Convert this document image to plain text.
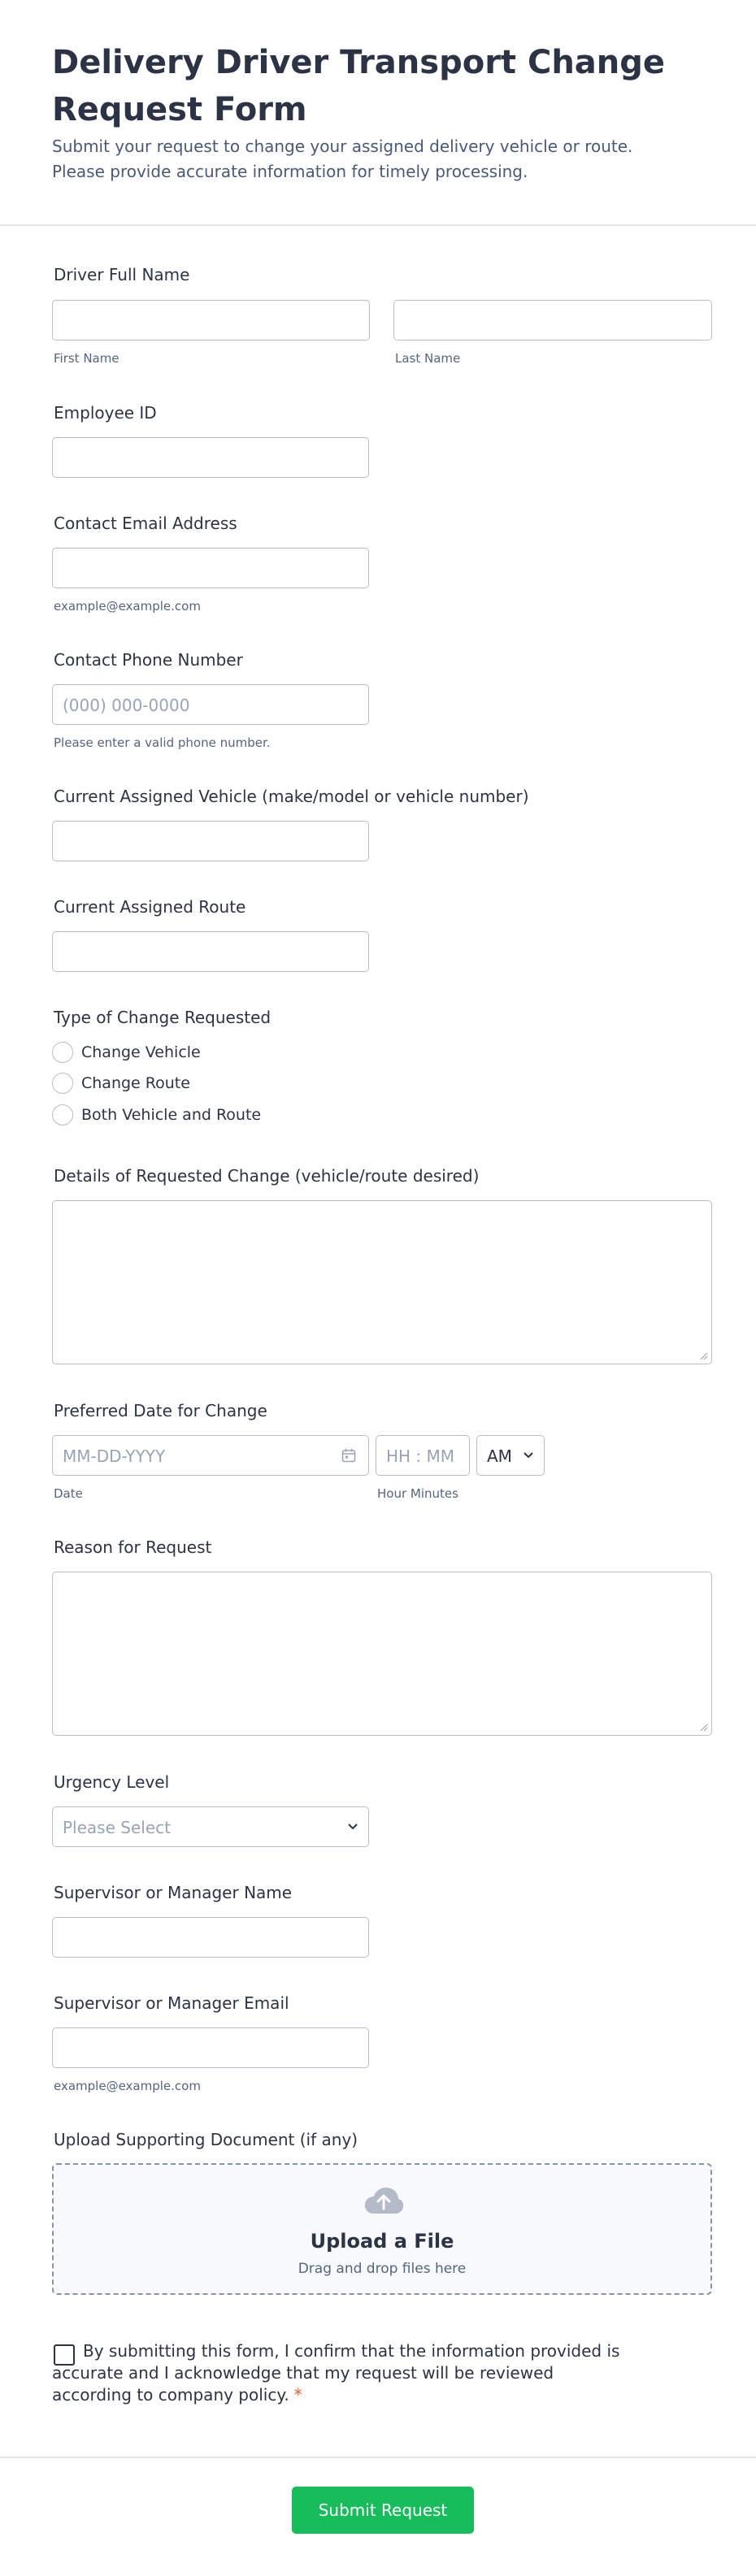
Delivery Driver Transport Change Request Form

Submit your request to change your assigned delivery vehicle or route. Please provide accurate information for timely processing.

Driver Full Name
First Name	Last Name
Employee ID
Contact Email Address
example@example.com
Contact Phone Number
(000) 000-0000
Please enter a valid phone number.
Current Assigned Vehicle (make/model or vehicle number)
Current Assigned Route
Type of Change Requested
Change Vehicle
Change Route
Both Vehicle and Route
Details of Requested Change (vehicle/route desired)
Preferred Date for Change
MM-DD-YYYY	HH : MM AM
Date	Hour Minutes
Reason for Request
Urgency Level
Please Select
Supervisor or Manager Name
Supervisor or Manager Email
example@example.com
Upload Supporting Document (if any)
Upload a File
Drag and drop files here

By submitting this form, I confirm that the information provided is accurate and I acknowledge that my request will be reviewed according to company policy. *

Submit Request
